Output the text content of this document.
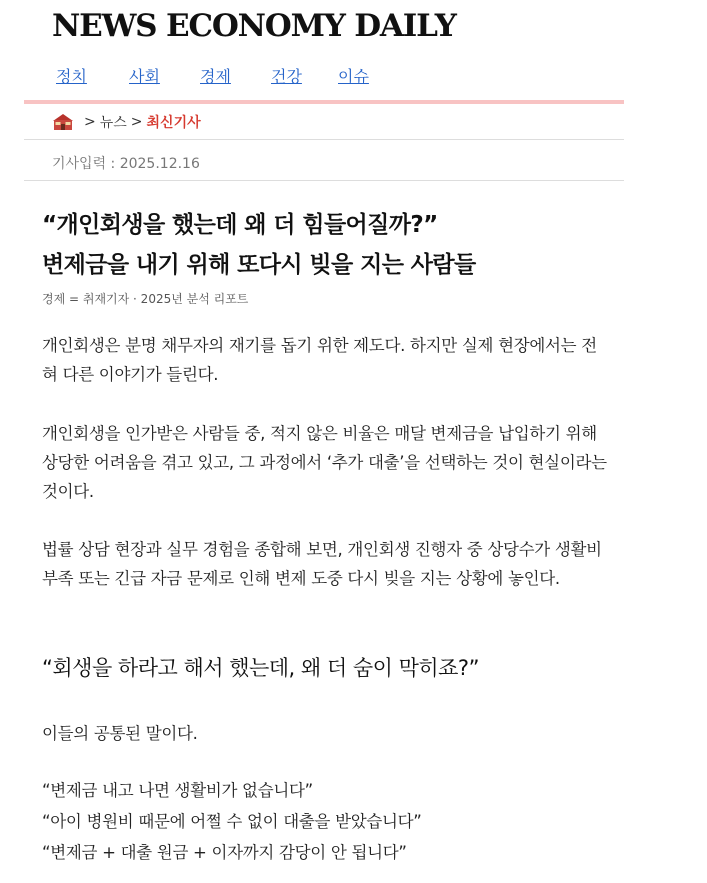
NEWS ECONOMY DAILY
정치	사회	경제	건강 이슈
> 뉴스 > 최신기사
기사입력 : 2025.12.16
“개인회생을 했는데 왜 더 힘들어질까?”
변제금을 내기 위해 또다시 빚을 지는 사람들
경제 = 취재기자 · 2025년 분석 리포트

개인회생은 분명 채무자의 재기를 돕기 위한 제도다. 하지만 실제 현장에서는 전혀 다른 이야기가 들린다.

개인회생을 인가받은 사람들 중, 적지 않은 비율은 매달 변제금을 납입하기 위해 상당한 어려움을 겪고 있고, 그 과정에서 ‘추가 대출’을 선택하는 것이 현실이라는 것이다.

법률 상담 현장과 실무 경험을 종합해 보면, 개인회생 진행자 중 상당수가 생활비 부족 또는 긴급 자금 문제로 인해 변제 도중 다시 빚을 지는 상황에 놓인다.

“회생을 하라고 해서 했는데, 왜 더 숨이 막히죠?”
이들의 공통된 말이다.
“변제금 내고 나면 생활비가 없습니다”
“아이 병원비 때문에 어쩔 수 없이 대출을 받았습니다”
“변제금 + 대출 원금 + 이자까지 감당이 안 됩니다”
